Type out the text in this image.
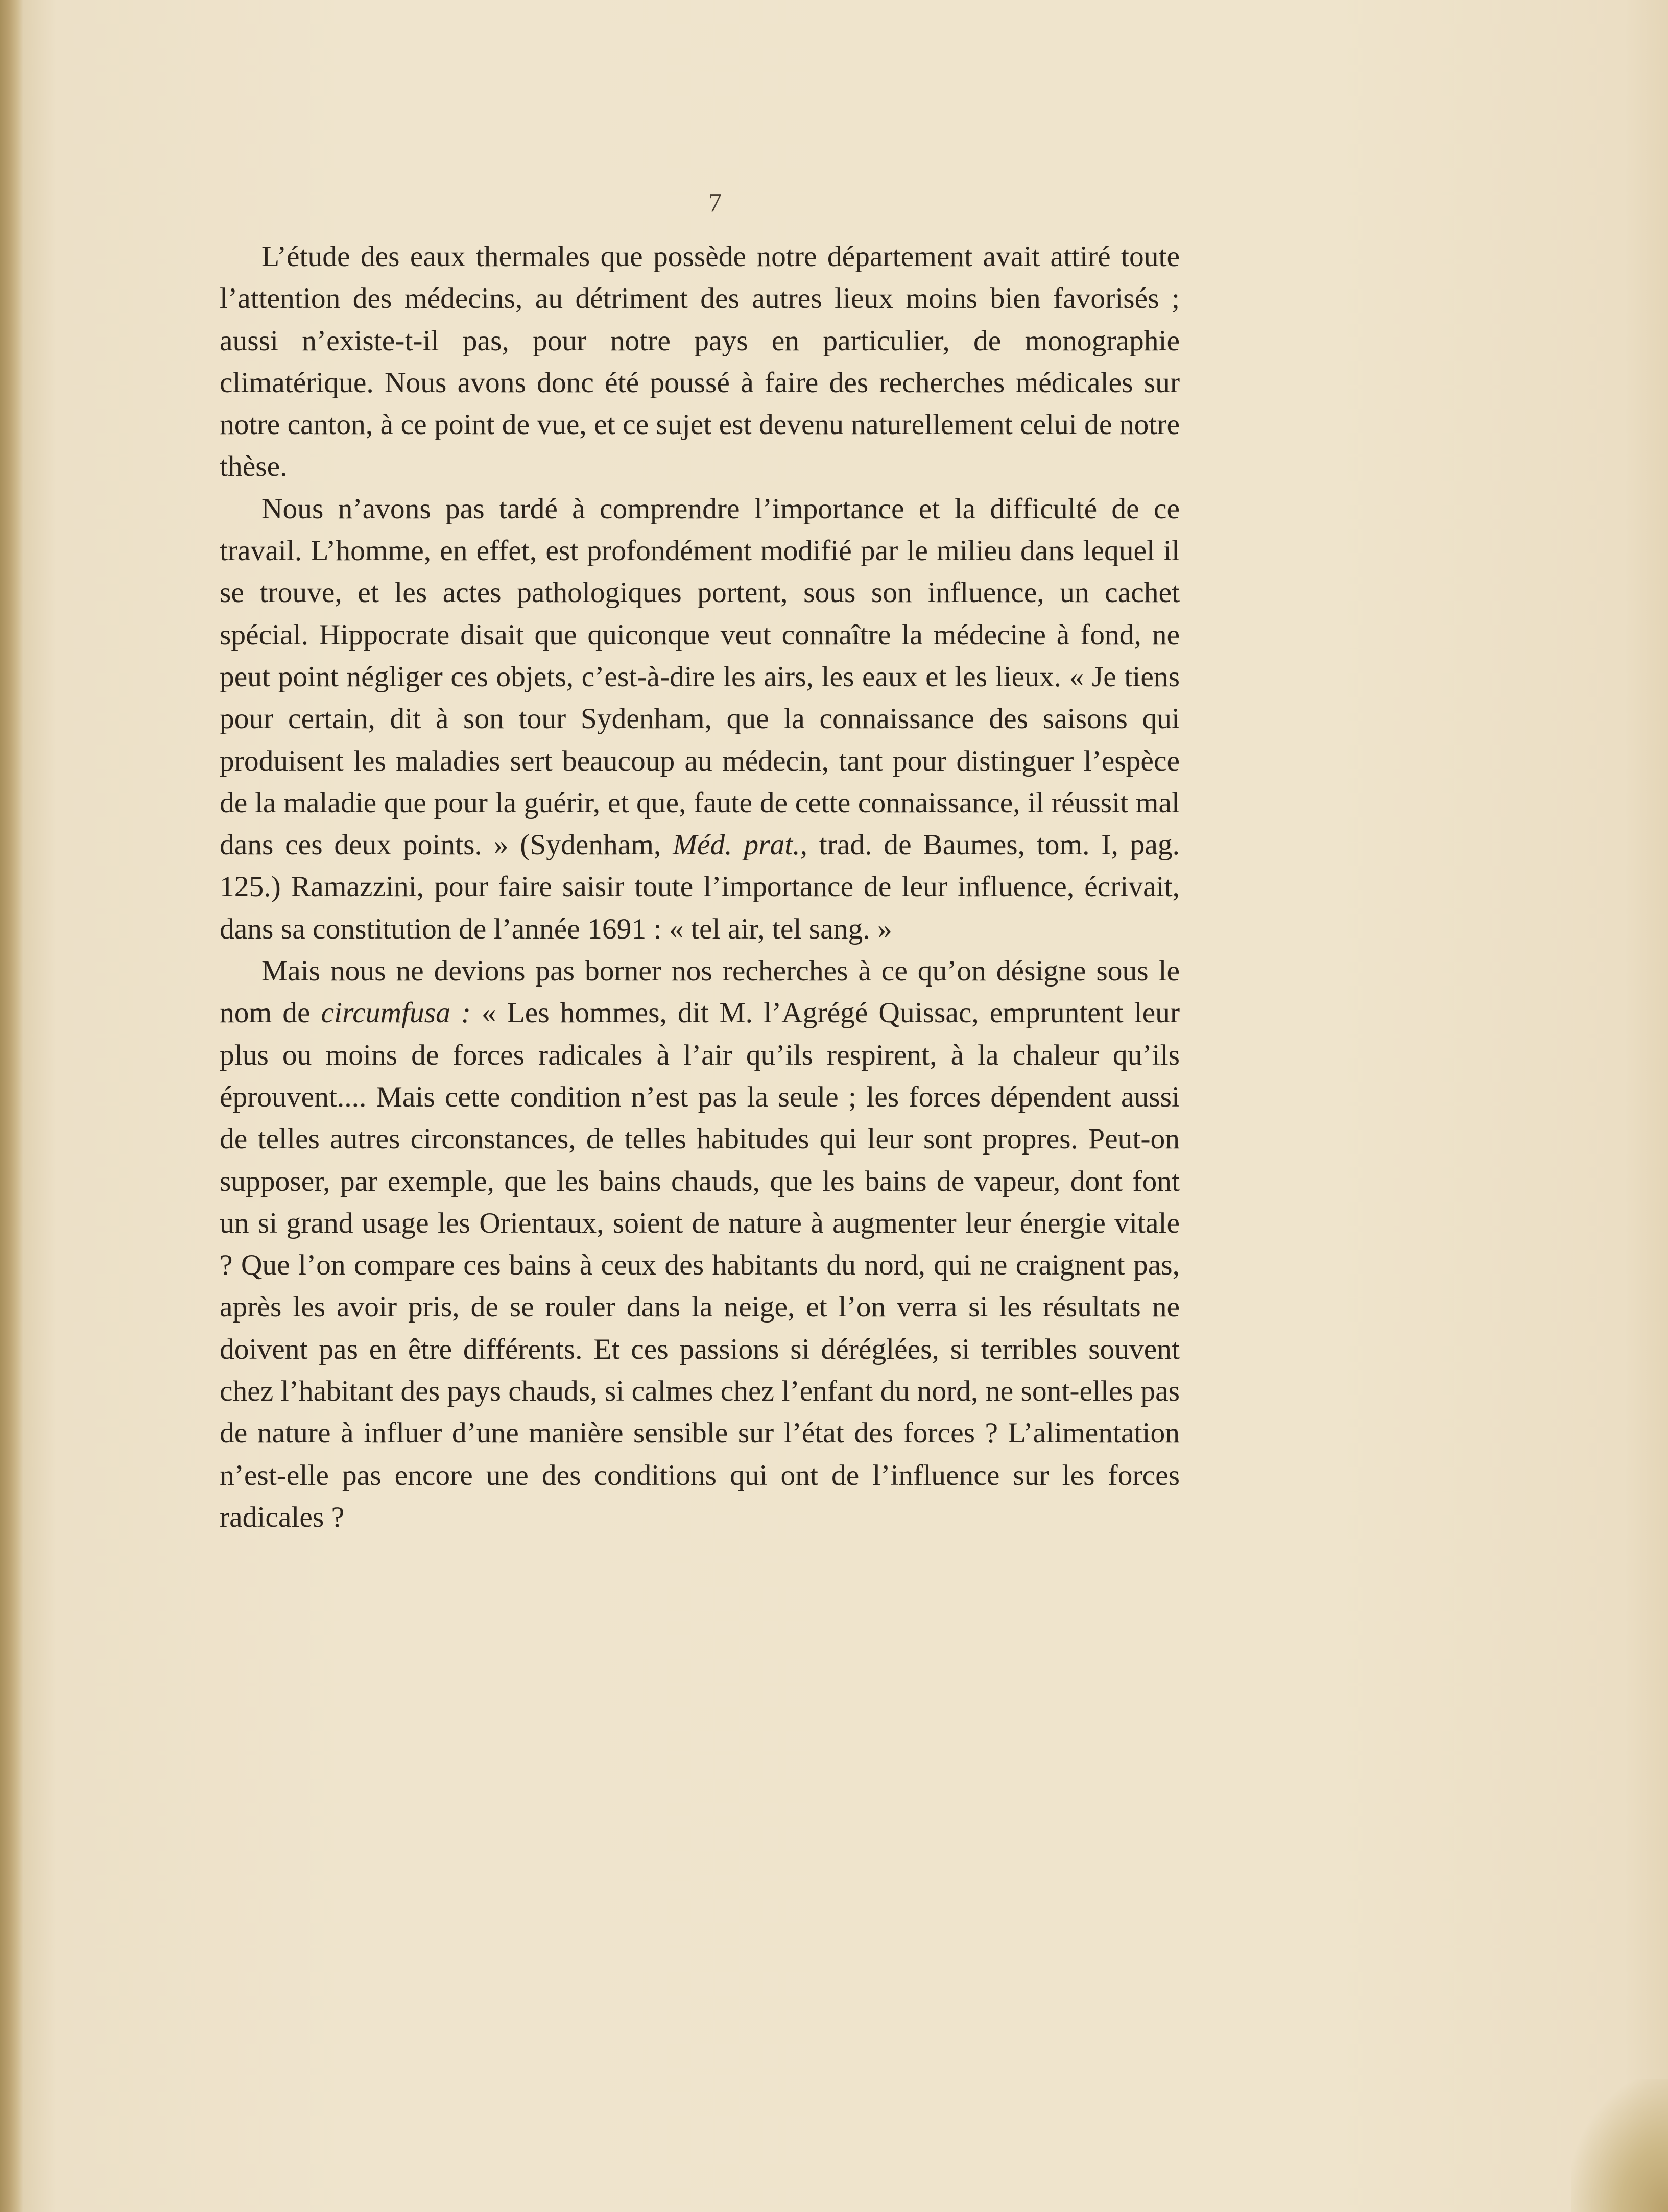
7

L’étude des eaux thermales que possède notre département avait attiré toute l’attention des médecins, au détriment des autres lieux moins bien favorisés ; aussi n’existe-t-il pas, pour notre pays en particulier, de monographie climatérique. Nous avons donc été poussé à faire des recherches médicales sur notre canton, à ce point de vue, et ce sujet est devenu naturellement celui de notre thèse.

Nous n’avons pas tardé à comprendre l’importance et la difficulté de ce travail. L’homme, en effet, est profondément modifié par le milieu dans lequel il se trouve, et les actes pathologiques portent, sous son influence, un cachet spécial. Hippocrate disait que quiconque veut connaître la médecine à fond, ne peut point négliger ces objets, c’est-à-dire les airs, les eaux et les lieux. « Je tiens pour certain, dit à son tour Sydenham, que la connaissance des saisons qui produisent les maladies sert beaucoup au médecin, tant pour distinguer l’espèce de la maladie que pour la guérir, et que, faute de cette connaissance, il réussit mal dans ces deux points. » (Sydenham, Méd. prat., trad. de Baumes, tom. I, pag. 125.) Ramazzini, pour faire saisir toute l’importance de leur influence, écrivait, dans sa constitution de l’année 1691 : « tel air, tel sang. »

Mais nous ne devions pas borner nos recherches à ce qu’on désigne sous le nom de circumfusa : « Les hommes, dit M. l’Agrégé Quissac, empruntent leur plus ou moins de forces radicales à l’air qu’ils respirent, à la chaleur qu’ils éprouvent.... Mais cette condition n’est pas la seule ; les forces dépendent aussi de telles autres circonstances, de telles habitudes qui leur sont propres. Peut-on supposer, par exemple, que les bains chauds, que les bains de vapeur, dont font un si grand usage les Orientaux, soient de nature à augmenter leur énergie vitale ? Que l’on compare ces bains à ceux des habitants du nord, qui ne craignent pas, après les avoir pris, de se rouler dans la neige, et l’on verra si les résultats ne doivent pas en être différents. Et ces passions si déréglées, si terribles souvent chez l’habitant des pays chauds, si calmes chez l’enfant du nord, ne sont-elles pas de nature à influer d’une manière sensible sur l’état des forces ? L’alimentation n’est-elle pas encore une des conditions qui ont de l’influence sur les forces radicales ?
